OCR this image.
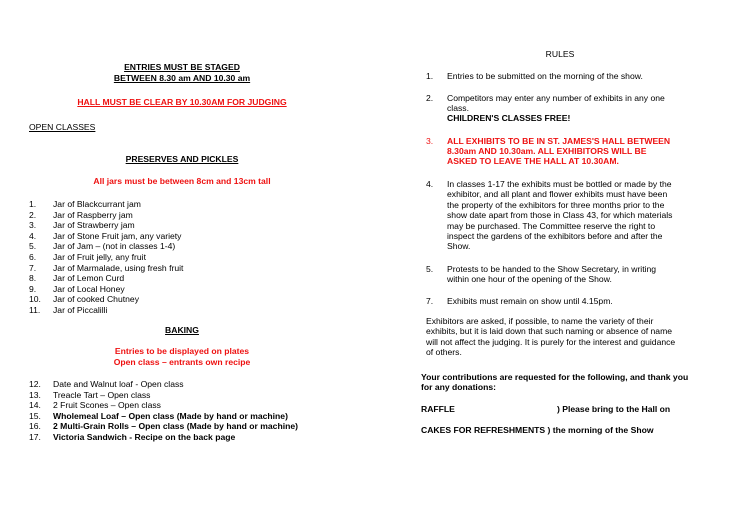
ENTRIES MUST BE STAGED
BETWEEN 8.30 am AND 10.30 am
HALL MUST BE CLEAR BY 10.30AM FOR JUDGING
OPEN CLASSES
PRESERVES AND PICKLES
All jars must be between 8cm and 13cm tall
1. Jar of Blackcurrant jam
2. Jar of Raspberry jam
3. Jar of Strawberry jam
4. Jar of Stone Fruit jam, any variety
5. Jar of Jam – (not in classes 1-4)
6. Jar of Fruit jelly, any fruit
7. Jar of Marmalade, using fresh fruit
8. Jar of Lemon Curd
9. Jar of Local Honey
10. Jar of cooked Chutney
11. Jar of Piccalilli
BAKING
Entries to be displayed on plates
Open class – entrants own recipe
12. Date and Walnut loaf - Open class
13. Treacle Tart – Open class
14. 2 Fruit Scones – Open class
15. Wholemeal Loaf – Open class (Made by hand or machine)
16. 2 Multi-Grain Rolls – Open class (Made by hand or machine)
17. Victoria Sandwich - Recipe on the back page
RULES
1. Entries to be submitted on the morning of the show.
2. Competitors may enter any number of exhibits in any one
class.
CHILDREN'S CLASSES FREE!
3. ALL EXHIBITS TO BE IN ST. JAMES'S HALL BETWEEN
8.30am AND 10.30am. ALL EXHIBITORS WILL BE
ASKED TO LEAVE THE HALL AT 10.30AM.
4. In classes 1-17 the exhibits must be bottled or made by the
exhibitor, and all plant and flower exhibits must have been
the property of the exhibitors for three months prior to the
show date apart from those in Class 43, for which materials
may be purchased. The Committee reserve the right to
inspect the gardens of the exhibitors before and after the
Show.
5. Protests to be handed to the Show Secretary, in writing
within one hour of the opening of the Show.
7. Exhibits must remain on show until 4.15pm.
Exhibitors are asked, if possible, to name the variety of their
exhibits, but it is laid down that such naming or absence of name
will not affect the judging. It is purely for the interest and guidance
of others.
Your contributions are requested for the following, and thank you
for any donations:
RAFFLE	) Please bring to the Hall on
CAKES FOR REFRESHMENTS ) the morning of the Show
